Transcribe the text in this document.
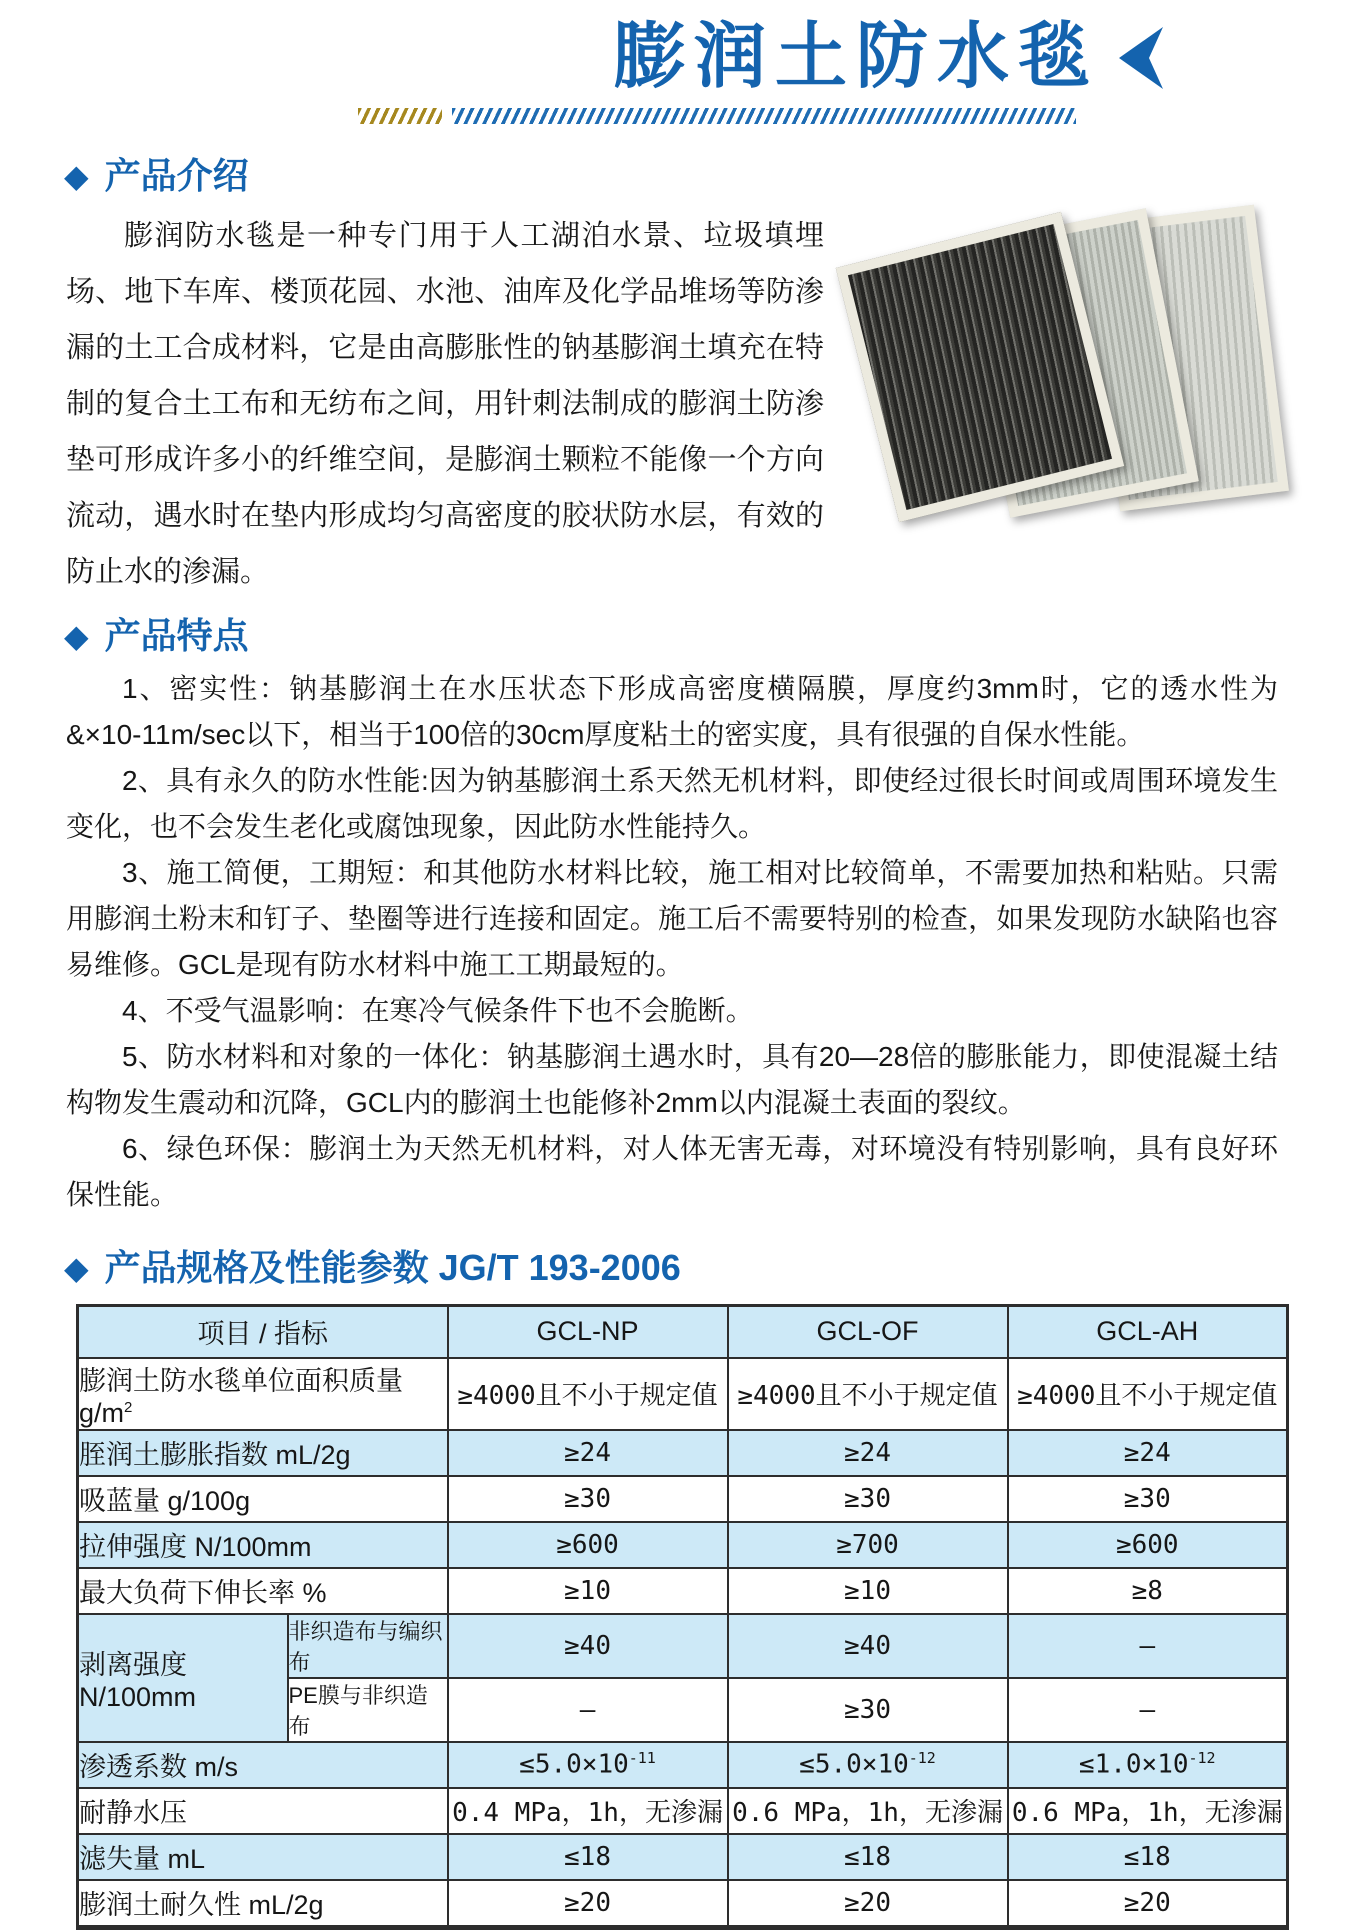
膨润土防水毯
◆ 产品介绍

膨润防水毯是一种专门用于人工湖泊水景、垃圾填埋场、地下车库、楼顶花园、水池、油库及化学品堆场等防渗漏的土工合成材料，它是由高膨胀性的钠基膨润土填充在特制的复合土工布和无纺布之间，用针刺法制成的膨润土防渗垫可形成许多小的纤维空间，是膨润土颗粒不能像一个方向流动，遇水时在垫内形成均匀高密度的胶状防水层，有效的防止水的渗漏。

◆ 产品特点

1、密实性：钠基膨润土在水压状态下形成高密度横隔膜，厚度约3mm时，它的透水性为&×10-11m/sec以下，相当于100倍的30cm厚度粘土的密实度，具有很强的自保水性能。

2、具有永久的防水性能:因为钠基膨润土系天然无机材料，即使经过很长时间或周围环境发生变化，也不会发生老化或腐蚀现象，因此防水性能持久。

3、施工简便，工期短：和其他防水材料比较，施工相对比较简单，不需要加热和粘贴。只需用膨润土粉末和钉子、垫圈等进行连接和固定。施工后不需要特别的检查，如果发现防水缺陷也容易维修。GCL是现有防水材料中施工工期最短的。

4、不受气温影响：在寒冷气候条件下也不会脆断。

5、防水材料和对象的一体化：钠基膨润土遇水时，具有20—28倍的膨胀能力，即使混凝土结构物发生震动和沉降，GCL内的膨润土也能修补2mm以内混凝土表面的裂纹。

6、绿色环保：膨润土为天然无机材料，对人体无害无毒，对环境没有特别影响，具有良好环保性能。

◆ 产品规格及性能参数 JG/T 193-2006
项目 / 指标		GCL-NP	GCL-OF	GCL-AH
膨润土防水毯单位面积质量 $g/m^2$		≥4000且不小于规定值	≥4000且不小于规定值	≥4000且不小于规定值
胵润土膨胀指数 mL/2g		≥24	≥24	≥24
吸蓝量 g/100g		≥30	≥30	≥30
拉伸强度 N/100mm		≥600	≥700	≥600
最大负荷下伸长率 %		≥10	≥10	≥8
剥离强度 N/100mm	非织造布与编织布	≥40	≥40	–
	PE膜与非织造布	–	≥30	–
渗透系数 m/s		$\le 5.0\times 10^{-11}$	$\le 5.0\times 10^{-12}$	$\le 1.0\times 10^{-12}$
耐静水压		0.4 MPa，1h，无渗漏	0.6 MPa，1h，无渗漏	0.6 MPa，1h，无渗漏
滤失量 mL		≤18	≤18	≤18
膨润土耐久性 mL/2g		≥20	≥20	≥20
